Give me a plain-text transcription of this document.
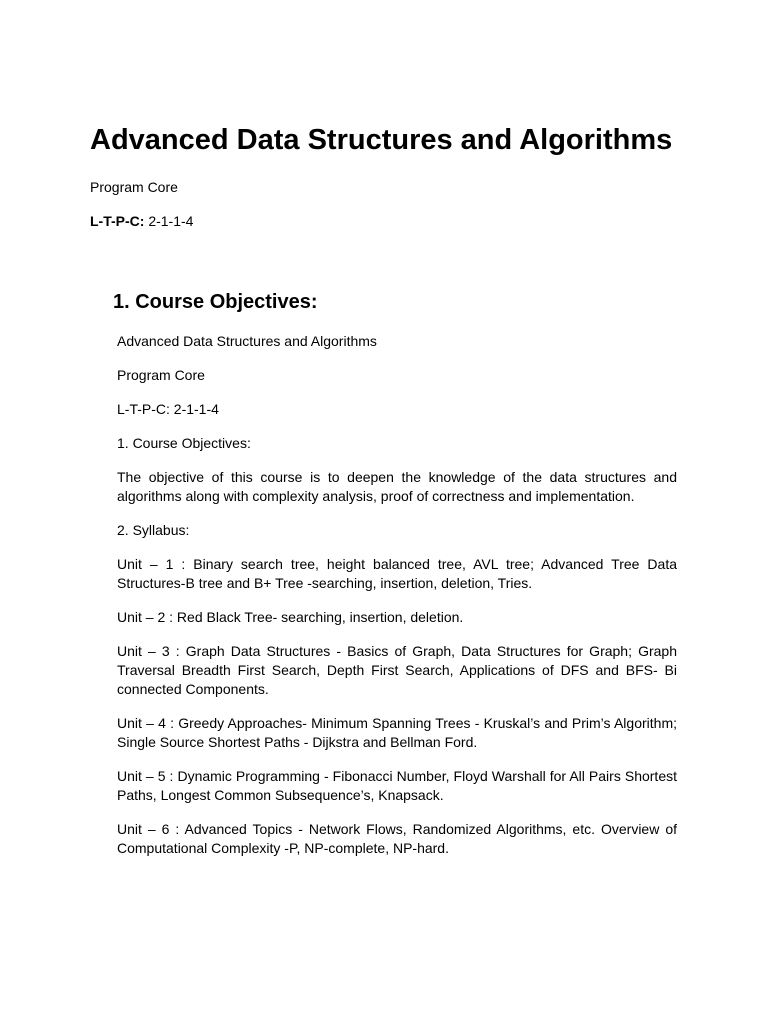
Advanced Data Structures and Algorithms

Program Core

L-T-P-C: 2-1-1-4

1. Course Objectives:

Advanced Data Structures and Algorithms

Program Core

L-T-P-C: 2-1-1-4

1. Course Objectives:

The objective of this course is to deepen the knowledge of the data structures and algorithms along with complexity analysis, proof of correctness and implementation.

2. Syllabus:

Unit – 1 : Binary search tree, height balanced tree, AVL tree; Advanced Tree Data Structures-B tree and B+ Tree -searching, insertion, deletion, Tries.

Unit – 2 : Red Black Tree- searching, insertion, deletion.

Unit – 3 : Graph Data Structures - Basics of Graph, Data Structures for Graph; Graph Traversal Breadth First Search, Depth First Search, Applications of DFS and BFS- Bi connected Components.

Unit – 4 : Greedy Approaches- Minimum Spanning Trees - Kruskal’s and Prim’s Algorithm; Single Source Shortest Paths - Dijkstra and Bellman Ford.

Unit – 5 : Dynamic Programming - Fibonacci Number, Floyd Warshall for All Pairs Shortest Paths, Longest Common Subsequence’s, Knapsack.

Unit – 6 : Advanced Topics - Network Flows, Randomized Algorithms, etc. Overview of Computational Complexity -P, NP-complete, NP-hard.
